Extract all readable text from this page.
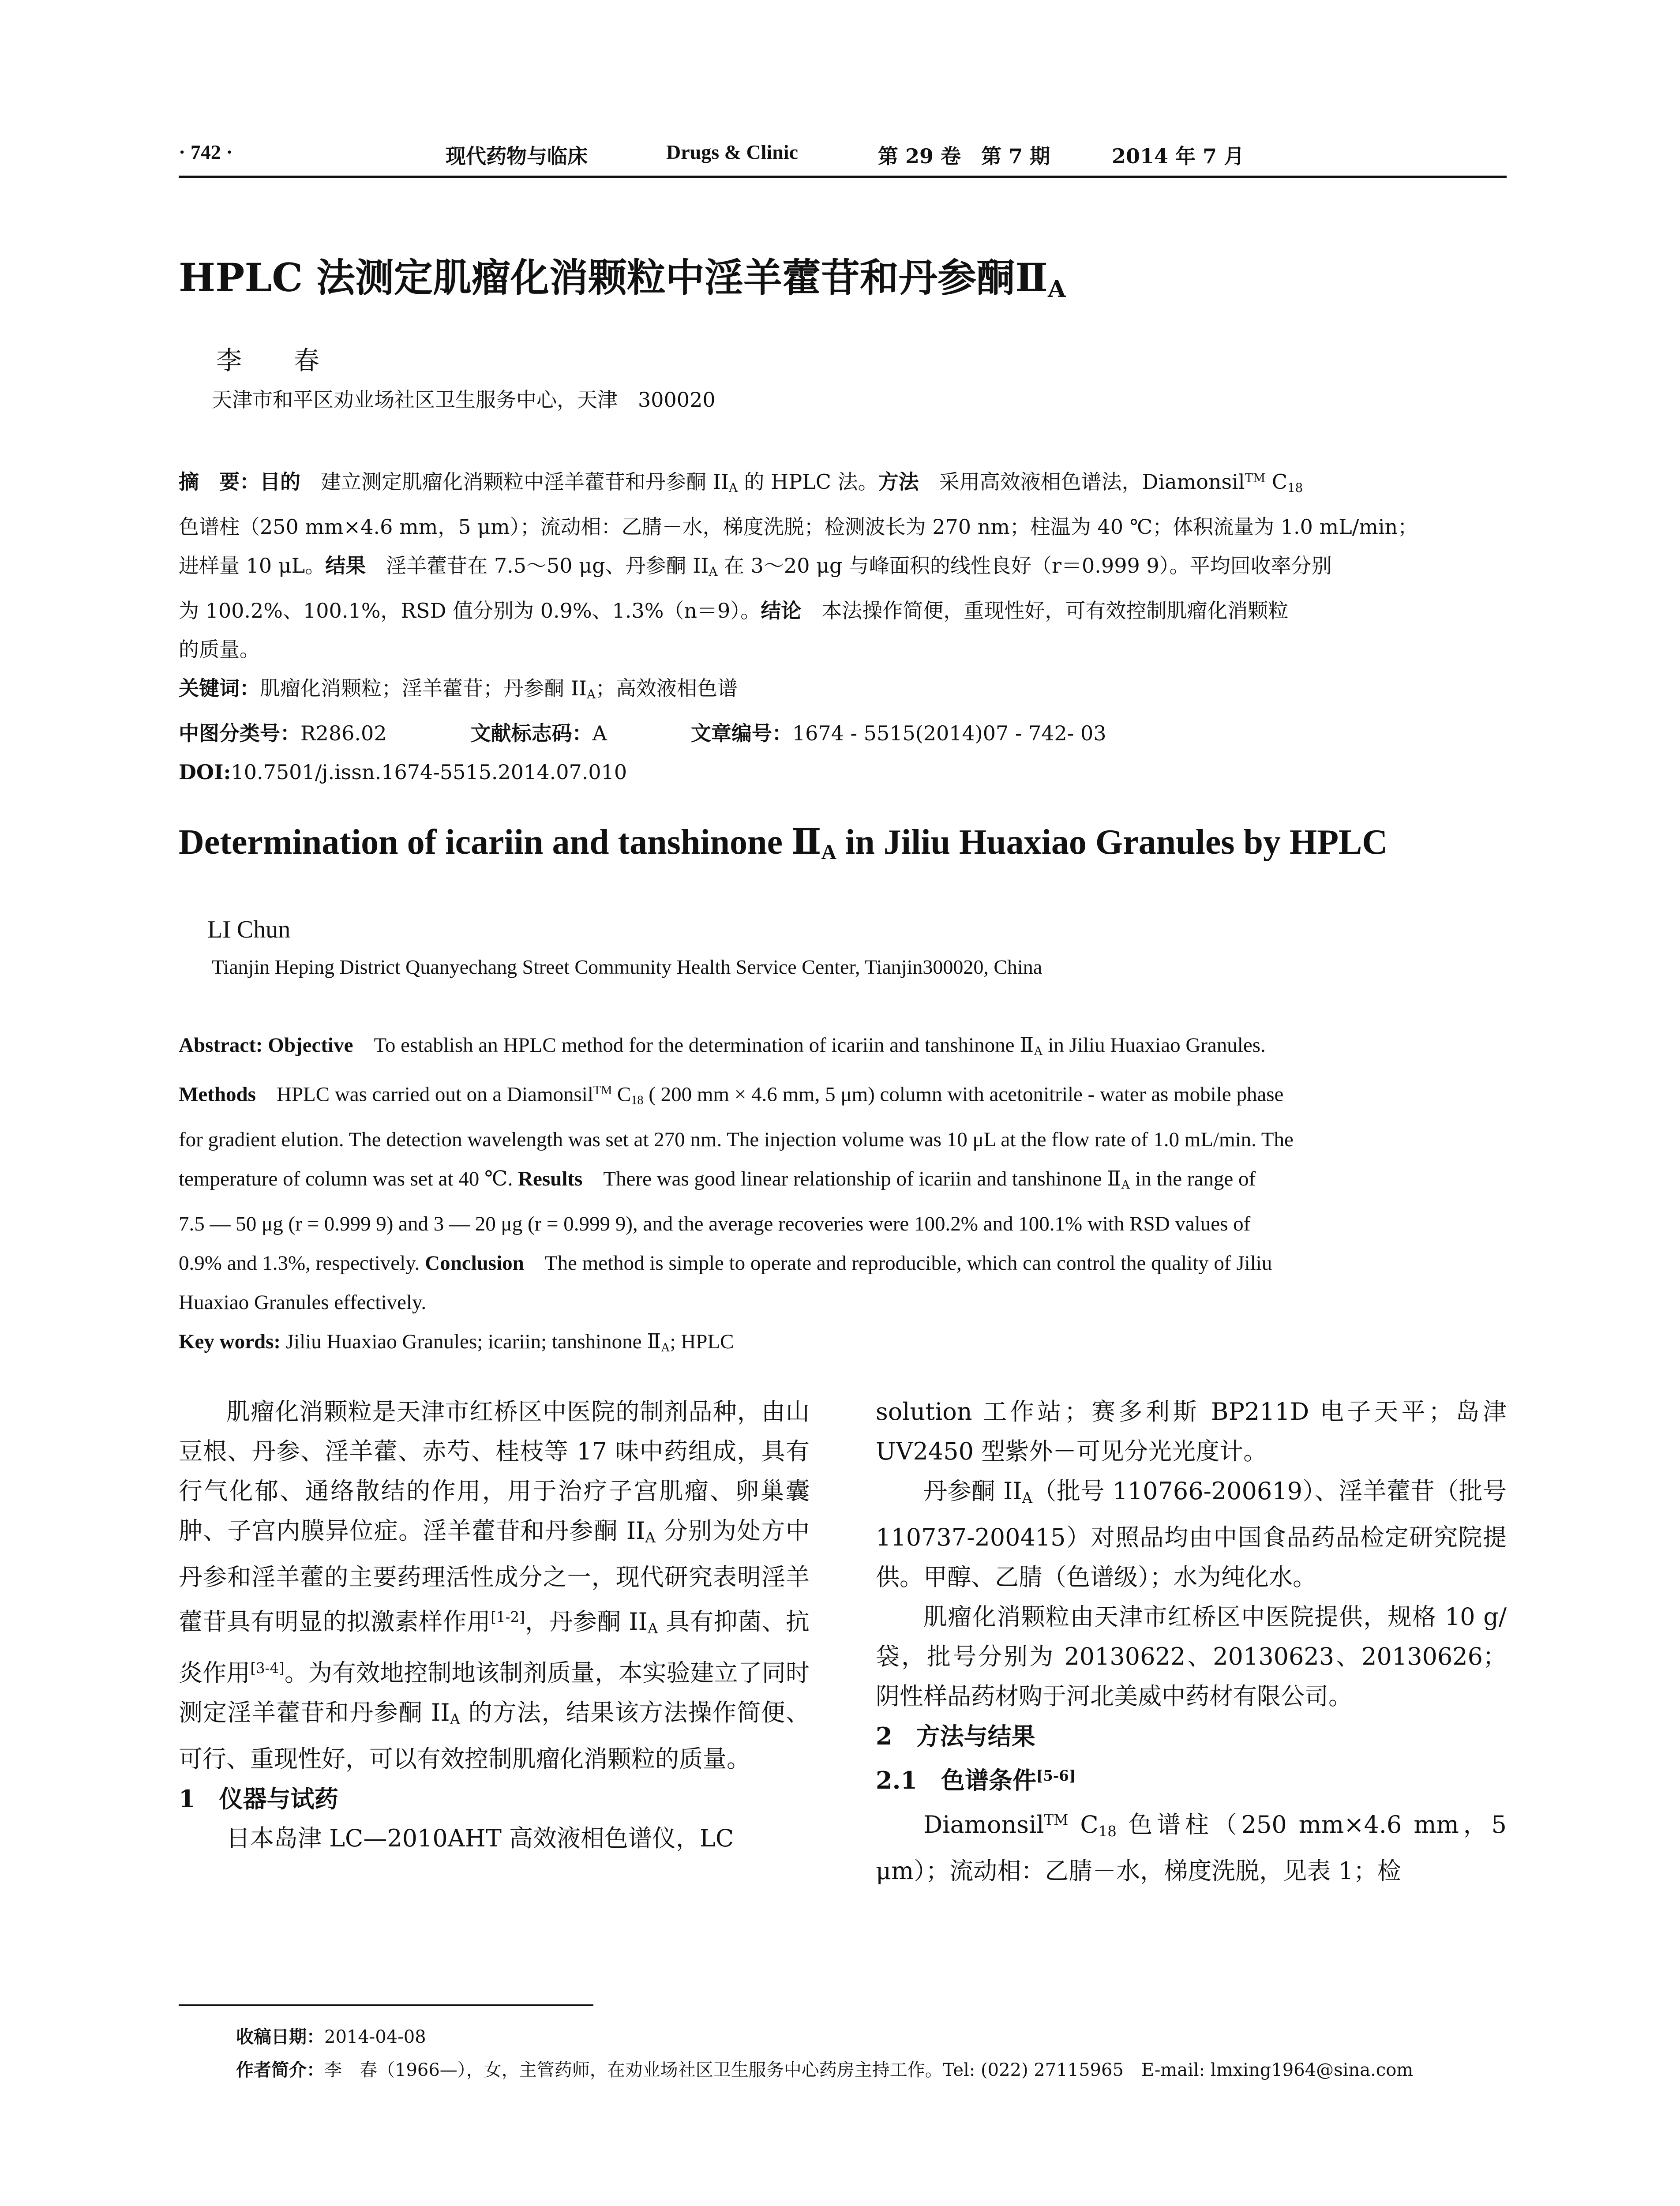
· 742 ·	现代药物与临床	Drugs & Clinic	第 29 卷　第 7 期	2014 年 7 月
HPLC 法测定肌瘤化消颗粒中淫羊藿苷和丹参酮$Ⅱ_A$
李　春
天津市和平区劝业场社区卫生服务中心，天津　300020
摘　要：目的　建立测定肌瘤化消颗粒中淫羊藿苷和丹参酮 $II_A$ 的 HPLC 法。方法　采用高效液相色谱法，Diamonsil™ $C_{18}$
色谱柱（250 mm×4.6 mm，5 μm）；流动相：乙腈－水，梯度洗脱；检测波长为 270 nm；柱温为 40 ℃；体积流量为 1.0 mL/min；
进样量 10 μL。结果　淫羊藿苷在 7.5～50 μg、丹参酮 $II_A$ 在 3～20 μg 与峰面积的线性良好（r＝0.999 9）。平均回收率分别
为 100.2%、100.1%，RSD 值分别为 0.9%、1.3%（n＝9）。结论　本法操作简便，重现性好，可有效控制肌瘤化消颗粒
的质量。
关键词：肌瘤化消颗粒；淫羊藿苷；丹参酮 $II_A$；高效液相色谱
中图分类号：R286.02	文献标志码：A	文章编号：1674 - 5515(2014)07 - 742- 03
DOI:10.7501/j.issn.1674-5515.2014.07.010
Determination of icariin and tanshinone $Ⅱ_A$ in Jiliu Huaxiao Granules by HPLC
LI Chun
Tianjin Heping District Quanyechang Street Community Health Service Center, Tianjin300020, China
Abstract: Objective　To establish an HPLC method for the determination of icariin and tanshinone $Ⅱ_A$ in Jiliu Huaxiao Granules.
Methods　HPLC was carried out on a Diamonsil™ $C_{18}$ ( 200 mm × 4.6 mm, 5 μm) column with acetonitrile - water as mobile phase
for gradient elution. The detection wavelength was set at 270 nm. The injection volume was 10 μL at the flow rate of 1.0 mL/min. The
temperature of column was set at 40 ℃. Results　There was good linear relationship of icariin and tanshinone $Ⅱ_A$ in the range of
7.5 — 50 μg (r = 0.999 9) and 3 — 20 μg (r = 0.999 9), and the average recoveries were 100.2% and 100.1% with RSD values of
0.9% and 1.3%, respectively. Conclusion　The method is simple to operate and reproducible, which can control the quality of Jiliu
Huaxiao Granules effectively.
Key words: Jiliu Huaxiao Granules; icariin; tanshinone $Ⅱ_A$; HPLC

肌瘤化消颗粒是天津市红桥区中医院的制剂品种，由山豆根、丹参、淫羊藿、赤芍、桂枝等 17 味中药组成，具有行气化郁、通络散结的作用，用于治疗子宫肌瘤、卵巢囊肿、子宫内膜异位症。淫羊藿苷和丹参酮 $II_A$ 分别为处方中丹参和淫羊藿的主要药理活性成分之一，现代研究表明淫羊藿苷具有明显的拟激素样作用[1-2]，丹参酮 $II_A$ 具有抑菌、抗炎作用[3-4]。为有效地控制地该制剂质量，本实验建立了同时测定淫羊藿苷和丹参酮 $II_A$ 的方法，结果该方法操作简便、可行、重现性好，可以有效控制肌瘤化消颗粒的质量。

1　仪器与试药

日本岛津 LC—2010AHT 高效液相色谱仪，LC

solution 工作站；赛多利斯 BP211D 电子天平；岛津 UV2450 型紫外－可见分光光度计。

丹参酮 $II_A$（批号 110766-200619）、淫羊藿苷（批号 110737-200415）对照品均由中国食品药品检定研究院提供。甲醇、乙腈（色谱级）；水为纯化水。

肌瘤化消颗粒由天津市红桥区中医院提供，规格 10 g/袋，批号分别为 20130622、20130623、20130626；阴性样品药材购于河北美威中药材有限公司。

2　方法与结果

2.1　色谱条件[5-6]

Diamonsil™ $C_{18}$ 色谱柱（250 mm×4.6 mm，5 μm）；流动相：乙腈－水，梯度洗脱，见表 1；检

收稿日期：2014-04-08
作者简介：李　春（1966—），女，主管药师，在劝业场社区卫生服务中心药房主持工作。Tel: (022) 27115965　E-mail: lmxing1964@sina.com
